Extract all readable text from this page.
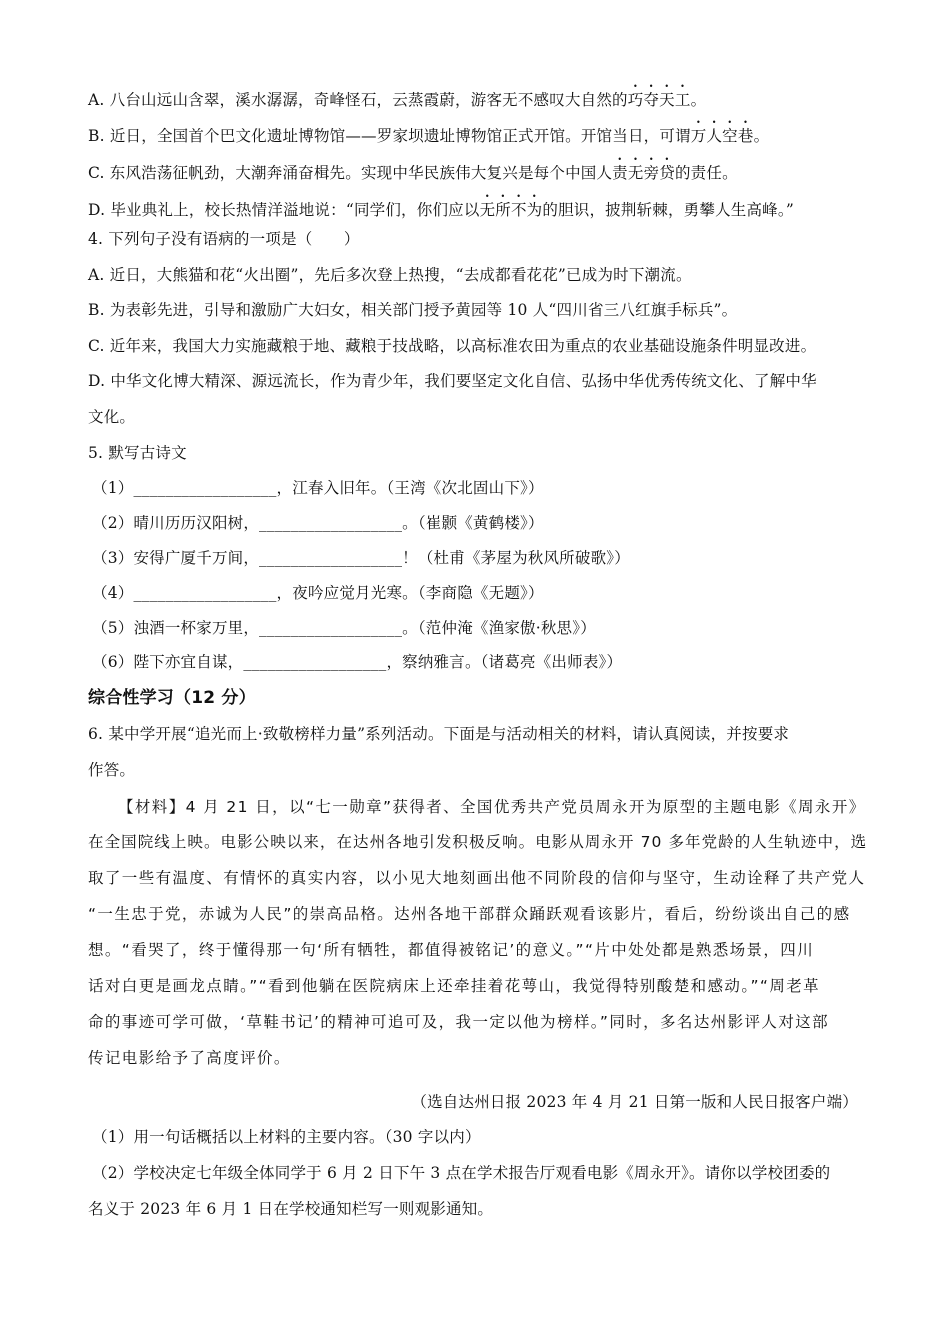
A. 八台山远山含翠，溪水潺潺，奇峰怪石，云蒸霞蔚，游客无不感叹大自然的巧夺天工。
B. 近日，全国首个巴文化遗址博物馆——罗家坝遗址博物馆正式开馆。开馆当日，可谓万人空巷。
C. 东风浩荡征帆劲，大潮奔涌奋楫先。实现中华民族伟大复兴是每个中国人责无旁贷的责任。
D. 毕业典礼上，校长热情洋溢地说：“同学们，你们应以无所不为的胆识，披荆斩棘，勇攀人生高峰。”
4. 下列句子没有语病的一项是（　　）
A. 近日，大熊猫和花“火出圈”，先后多次登上热搜，“去成都看花花”已成为时下潮流。
B. 为表彰先进，引导和激励广大妇女，相关部门授予黄园等 10 人“四川省三八红旗手标兵”。
C. 近年来，我国大力实施藏粮于地、藏粮于技战略，以高标准农田为重点的农业基础设施条件明显改进。
D. 中华文化博大精深、源远流长，作为青少年，我们要坚定文化自信、弘扬中华优秀传统文化、了解中华
文化。
5. 默写古诗文
（1）__________________，江春入旧年。（王湾《次北固山下》）
（2）晴川历历汉阳树，__________________。（崔颢《黄鹤楼》）
（3）安得广厦千万间，__________________！（杜甫《茅屋为秋风所破歌》）
（4）__________________，夜吟应觉月光寒。（李商隐《无题》）
（5）浊酒一杯家万里，__________________。（范仲淹《渔家傲·秋思》）
（6）陛下亦宜自谋，__________________，察纳雅言。（诸葛亮《出师表》）
综合性学习（12 分）
6. 某中学开展“追光而上·致敬榜样力量”系列活动。下面是与活动相关的材料，请认真阅读，并按要求
作答。
【材料】4 月 21 日，以“七一勋章”获得者、全国优秀共产党员周永开为原型的主题电影《周永开》
在全国院线上映。电影公映以来，在达州各地引发积极反响。电影从周永开 70 多年党龄的人生轨迹中，选
取了一些有温度、有情怀的真实内容，以小见大地刻画出他不同阶段的信仰与坚守，生动诠释了共产党人
“一生忠于党，赤诚为人民”的崇高品格。达州各地干部群众踊跃观看该影片，看后，纷纷谈出自己的感
想。“看哭了，终于懂得那一句‘所有牺牲，都值得被铭记’的意义。”“片中处处都是熟悉场景，四川
话对白更是画龙点睛。”“看到他躺在医院病床上还牵挂着花萼山，我觉得特别酸楚和感动。”“周老革
命的事迹可学可做，‘草鞋书记’的精神可追可及，我一定以他为榜样。”同时，多名达州影评人对这部
传记电影给予了高度评价。
（选自达州日报 2023 年 4 月 21 日第一版和人民日报客户端）
（1）用一句话概括以上材料的主要内容。（30 字以内）
（2）学校决定七年级全体同学于 6 月 2 日下午 3 点在学术报告厅观看电影《周永开》。请你以学校团委的
名义于 2023 年 6 月 1 日在学校通知栏写一则观影通知。
